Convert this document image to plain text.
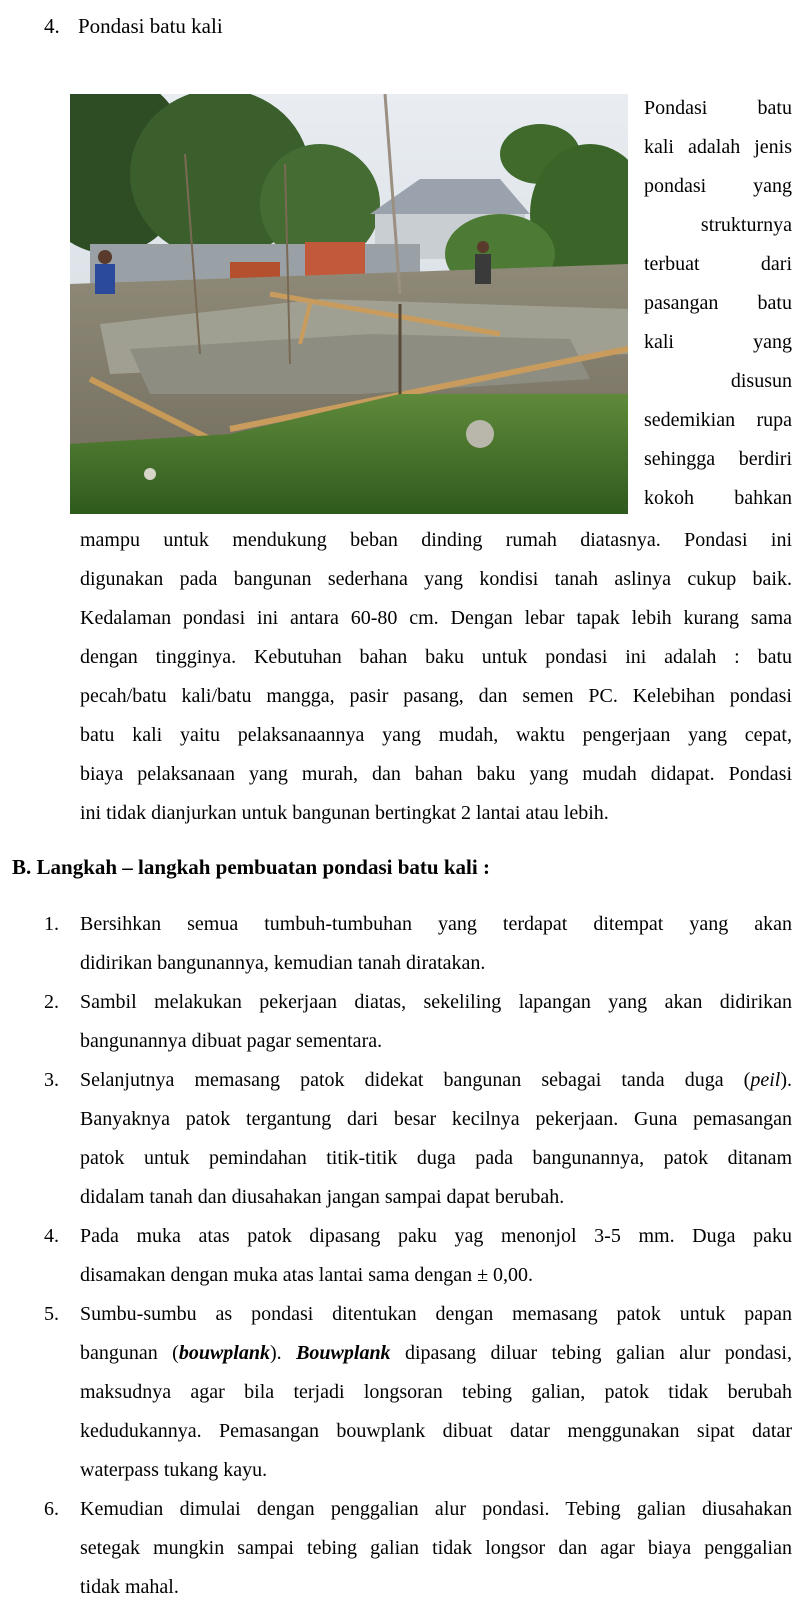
4. Pondasi batu kali
Pondasi batu
kali adalah jenis
pondasi yang
strukturnya
terbuat dari
pasangan batu
kali yang
disusun
sedemikian rupa
sehingga berdiri
kokoh bahkan
mampu untuk mendukung beban dinding rumah diatasnya. Pondasi ini
digunakan pada bangunan sederhana yang kondisi tanah aslinya cukup baik.
Kedalaman pondasi ini antara 60-80 cm. Dengan lebar tapak lebih kurang sama
dengan tingginya. Kebutuhan bahan baku untuk pondasi ini adalah : batu
pecah/batu kali/batu mangga, pasir pasang, dan semen PC. Kelebihan pondasi
batu kali yaitu pelaksanaannya yang mudah, waktu pengerjaan yang cepat,
biaya pelaksanaan yang murah, dan bahan baku yang mudah didapat. Pondasi
ini tidak dianjurkan untuk bangunan bertingkat 2 lantai atau lebih.
B. Langkah – langkah pembuatan pondasi batu kali :
1.	Bersihkan semua tumbuh-tumbuhan yang terdapat ditempat yang akan
didirikan bangunannya, kemudian tanah diratakan.
2.	Sambil melakukan pekerjaan diatas, sekeliling lapangan yang akan didirikan
bangunannya dibuat pagar sementara.
3.	Selanjutnya memasang patok didekat bangunan sebagai tanda duga (peil).
Banyaknya patok tergantung dari besar kecilnya pekerjaan. Guna pemasangan
patok untuk pemindahan titik-titik duga pada bangunannya, patok ditanam
didalam tanah dan diusahakan jangan sampai dapat berubah.
4.	Pada muka atas patok dipasang paku yag menonjol 3-5 mm. Duga paku
disamakan dengan muka atas lantai sama dengan ± 0,00.
5.	Sumbu-sumbu as pondasi ditentukan dengan memasang patok untuk papan
bangunan (bouwplank). Bouwplank dipasang diluar tebing galian alur pondasi,
maksudnya agar bila terjadi longsoran tebing galian, patok tidak berubah
kedudukannya. Pemasangan bouwplank dibuat datar menggunakan sipat datar
waterpass tukang kayu.
6.	Kemudian dimulai dengan penggalian alur pondasi. Tebing galian diusahakan
setegak mungkin sampai tebing galian tidak longsor dan agar biaya penggalian
tidak mahal.
